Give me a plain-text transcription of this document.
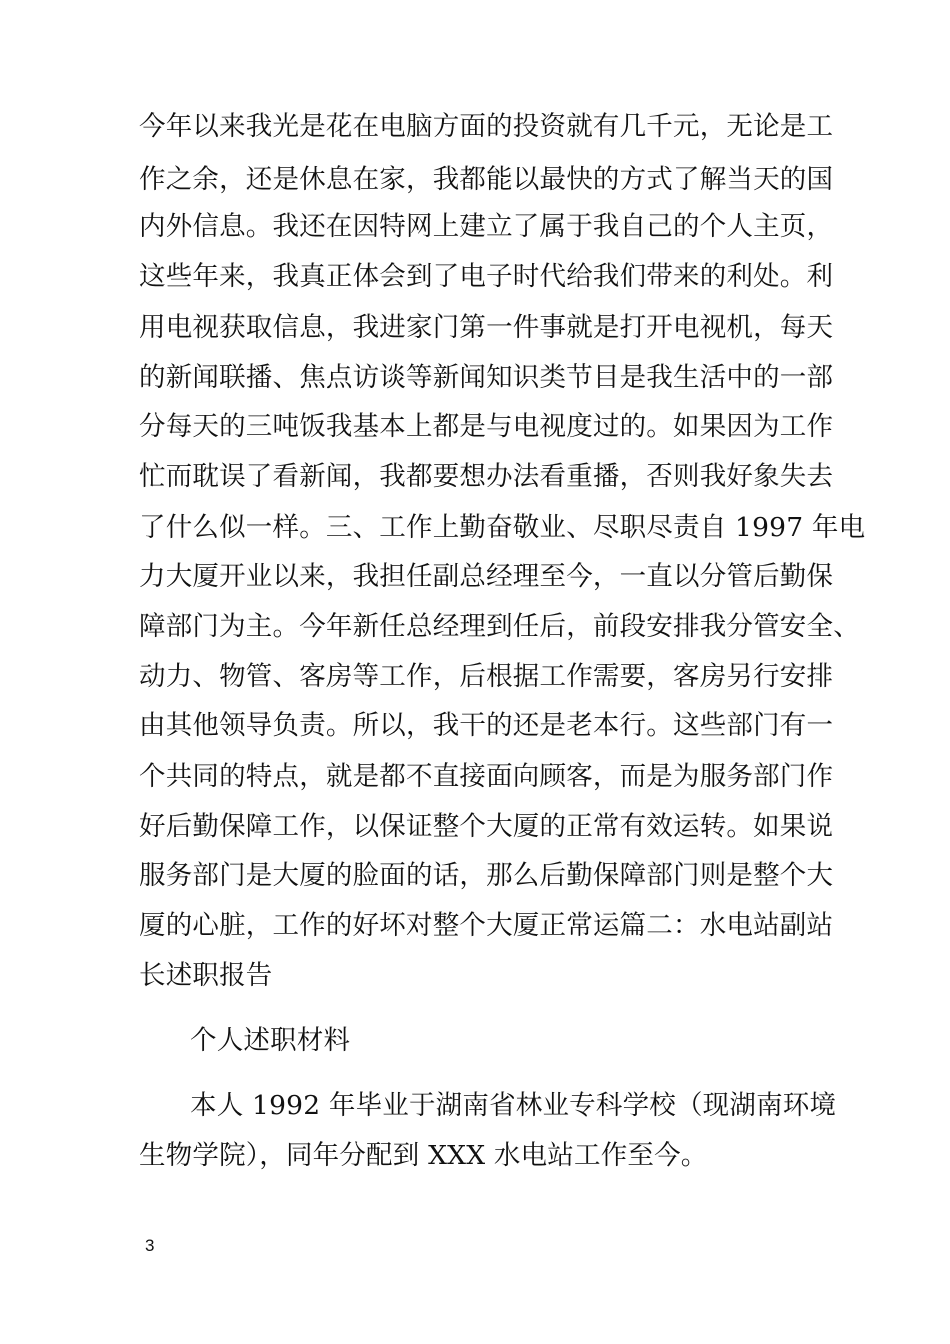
今年以来我光是花在电脑方面的投资就有几千元，无论是工
作之余，还是休息在家，我都能以最快的方式了解当天的国
内外信息。我还在因特网上建立了属于我自己的个人主页，
这些年来，我真正体会到了电子时代给我们带来的利处。利
用电视获取信息，我进家门第一件事就是打开电视机，每天
的新闻联播、焦点访谈等新闻知识类节目是我生活中的一部
分每天的三吨饭我基本上都是与电视度过的。如果因为工作
忙而耽误了看新闻，我都要想办法看重播，否则我好象失去
了什么似一样。三、工作上勤奋敬业、尽职尽责自 1997 年电
力大厦开业以来，我担任副总经理至今，一直以分管后勤保
障部门为主。今年新任总经理到任后，前段安排我分管安全、
动力、物管、客房等工作，后根据工作需要，客房另行安排
由其他领导负责。所以，我干的还是老本行。这些部门有一
个共同的特点，就是都不直接面向顾客，而是为服务部门作
好后勤保障工作，以保证整个大厦的正常有效运转。如果说
服务部门是大厦的脸面的话，那么后勤保障部门则是整个大
厦的心脏，工作的好坏对整个大厦正常运篇二：水电站副站
长述职报告
个人述职材料
本人 1992 年毕业于湖南省林业专科学校（现湖南环境
生物学院），同年分配到 XXX 水电站工作至今。
3
